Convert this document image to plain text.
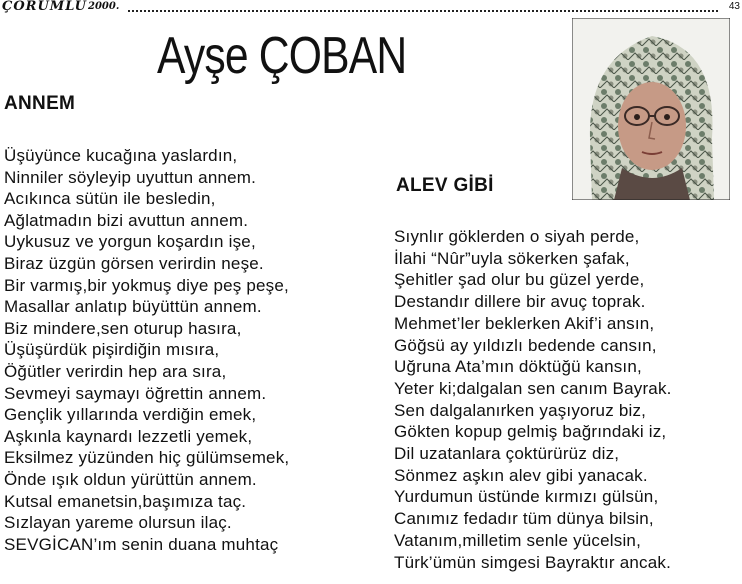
ÇORUMLU 2000.	43
Ayşe ÇOBAN
ANNEM
Üşüyünce kucağına yaslardın,
Ninniler söyleyip uyuttun annem.
Acıkınca sütün ile besledin,
Ağlatmadın bizi avuttun annem.
Uykusuz ve yorgun koşardın işe,
Biraz üzgün görsen verirdin neşe.
Bir varmış,bir yokmuş diye peş peşe,
Masallar anlatıp büyüttün annem.
Biz mindere,sen oturup hasıra,
Üşüşürdük pişirdiğin mısıra,
Öğütler verirdin hep ara sıra,
Sevmeyi saymayı öğrettin annem.
Gençlik yıllarında verdiğin emek,
Aşkınla kaynardı lezzetli yemek,
Eksilmez yüzünden hiç gülümsemek,
Önde ışık oldun yürüttün annem.
Kutsal emanetsin,başımıza taç.
Sızlayan yareme olursun ilaç.
SEVGİCAN’ım senin duana muhtaç
ALEV GİBİ
Sıynlır göklerden o siyah perde,
İlahi “Nûr”uyla sökerken şafak,
Şehitler şad olur bu güzel yerde,
Destandır dillere bir avuç toprak.
Mehmet’ler beklerken Akif’i ansın,
Göğsü ay yıldızlı bedende cansın,
Uğruna Ata’mın döktüğü kansın,
Yeter ki;dalgalan sen canım Bayrak.
Sen dalgalanırken yaşıyoruz biz,
Gökten kopup gelmiş bağrındaki iz,
Dil uzatanlara çoktürürüz diz,
Sönmez aşkın alev gibi yanacak.
Yurdumun üstünde kırmızı gülsün,
Canımız fedadır tüm dünya bilsin,
Vatanım,milletim senle yücelsin,
Türk’ümün simgesi Bayraktır ancak.
